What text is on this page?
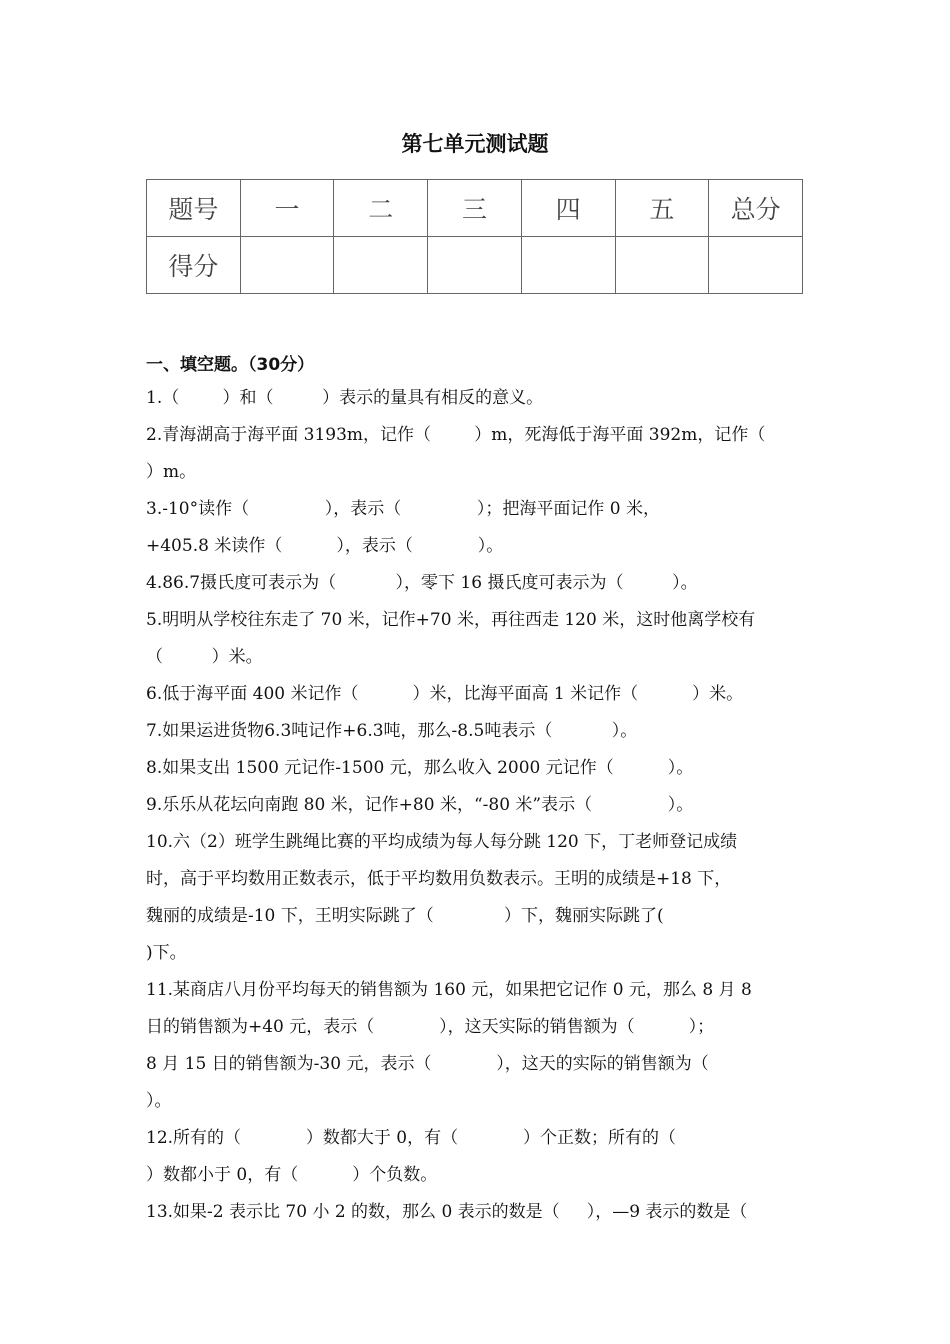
第七单元测试题
题号	一	二	三	四	五	总分
得分						
一、填空题。（30分）
1.（        ）和（         ）表示的量具有相反的意义。
2.青海湖高于海平面 3193m，记作（        ）m，死海低于海平面 392m，记作（
）m。
3.-10°读作（              ），表示（              ）；把海平面记作 0 米，
+405.8 米读作（          ），表示（            ）。
4.86.7摄氏度可表示为（           ），零下 16 摄氏度可表示为（         ）。
5.明明从学校往东走了 70 米，记作+70 米，再往西走 120 米，这时他离学校有
（         ）米。
6.低于海平面 400 米记作（          ）米，比海平面高 1 米记作（          ）米。
7.如果运进货物6.3吨记作+6.3吨，那么-8.5吨表示（           ）。
8.如果支出 1500 元记作-1500 元，那么收入 2000 元记作（          ）。
9.乐乐从花坛向南跑 80 米，记作+80 米，“-80 米”表示（              ）。
10.六（2）班学生跳绳比赛的平均成绩为每人每分跳 120 下，丁老师登记成绩
时，高于平均数用正数表示，低于平均数用负数表示。王明的成绩是+18 下，
魏丽的成绩是-10 下，王明实际跳了（             ）下，魏丽实际跳了(
)下。
11.某商店八月份平均每天的销售额为 160 元，如果把它记作 0 元，那么 8 月 8
日的销售额为+40 元，表示（            ），这天实际的销售额为（          ）；
8 月 15 日的销售额为-30 元，表示（            ），这天的实际的销售额为（
）。
12.所有的（            ）数都大于 0，有（            ）个正数；所有的（
）数都小于 0，有（          ）个负数。
13.如果-2 表示比 70 小 2 的数，那么 0 表示的数是（     ），—9 表示的数是（
